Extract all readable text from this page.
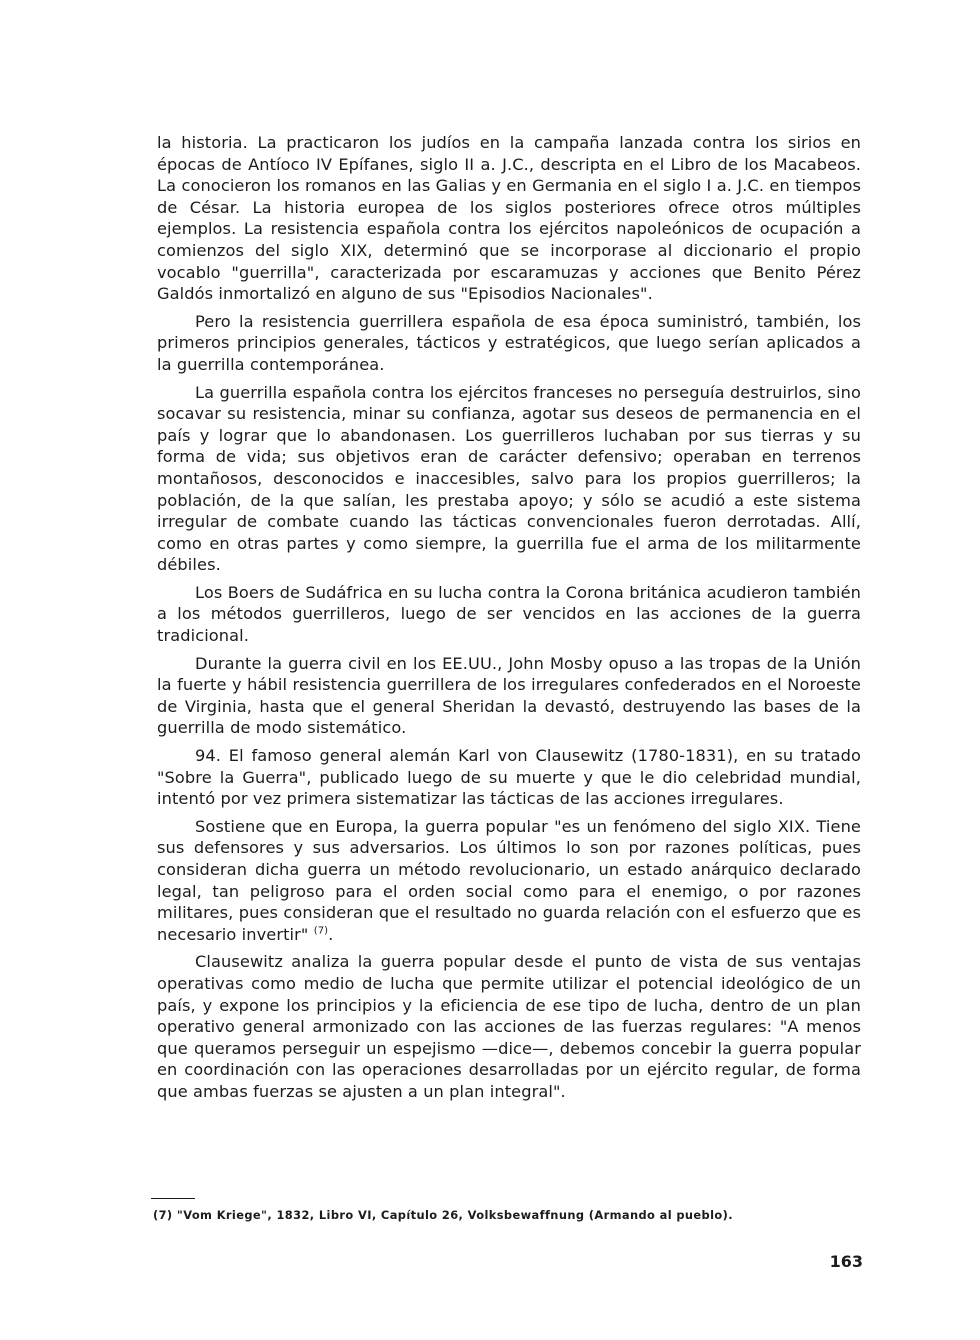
la historia. La practicaron los judíos en la campaña lanzada contra los sirios en épocas de Antíoco IV Epífanes, siglo II a. J.C., descripta en el Libro de los Macabeos. La conocieron los romanos en las Galias y en Germania en el siglo I a. J.C. en tiempos de César. La historia europea de los siglos posteriores ofrece otros múltiples ejemplos. La resistencia española contra los ejércitos napoleónicos de ocupación a comienzos del siglo XIX, determinó que se incorporase al diccionario el propio vocablo "guerrilla", caracterizada por escaramuzas y acciones que Benito Pérez Galdós inmortalizó en alguno de sus "Episodios Nacionales".

Pero la resistencia guerrillera española de esa época suministró, también, los primeros principios generales, tácticos y estratégicos, que luego serían aplicados a la guerrilla contemporánea.

La guerrilla española contra los ejércitos franceses no perseguía destruirlos, sino socavar su resistencia, minar su confianza, agotar sus deseos de permanencia en el país y lograr que lo abandonasen. Los guerrilleros luchaban por sus tierras y su forma de vida; sus objetivos eran de carácter defensivo; operaban en terrenos montañosos, desconocidos e inaccesibles, salvo para los propios guerrilleros; la población, de la que salían, les prestaba apoyo; y sólo se acudió a este sistema irregular de combate cuando las tácticas convencionales fueron derrotadas. Allí, como en otras partes y como siempre, la guerrilla fue el arma de los militarmente débiles.

Los Boers de Sudáfrica en su lucha contra la Corona británica acudieron también a los métodos guerrilleros, luego de ser vencidos en las acciones de la guerra tradicional.

Durante la guerra civil en los EE.UU., John Mosby opuso a las tropas de la Unión la fuerte y hábil resistencia guerrillera de los irregulares confederados en el Noroeste de Virginia, hasta que el general Sheridan la devastó, destruyendo las bases de la guerrilla de modo sistemático.

94. El famoso general alemán Karl von Clausewitz (1780-1831), en su tratado "Sobre la Guerra", publicado luego de su muerte y que le dio celebridad mundial, intentó por vez primera sistematizar las tácticas de las acciones irregulares.

Sostiene que en Europa, la guerra popular "es un fenómeno del siglo XIX. Tiene sus defensores y sus adversarios. Los últimos lo son por razones políticas, pues consideran dicha guerra un método revolucionario, un estado anárquico declarado legal, tan peligroso para el orden social como para el enemigo, o por razones militares, pues consideran que el resultado no guarda relación con el esfuerzo que es necesario invertir" $^{(7)}$.

Clausewitz analiza la guerra popular desde el punto de vista de sus ventajas operativas como medio de lucha que permite utilizar el potencial ideológico de un país, y expone los principios y la eficiencia de ese tipo de lucha, dentro de un plan operativo general armonizado con las acciones de las fuerzas regulares: "A menos que queramos perseguir un espejismo —dice—, debemos concebir la guerra popular en coordinación con las operaciones desarrolladas por un ejército regular, de forma que ambas fuerzas se ajusten a un plan integral".

(7) "Vom Kriege", 1832, Libro VI, Capítulo 26, Volksbewaffnung (Armando al pueblo).
163
